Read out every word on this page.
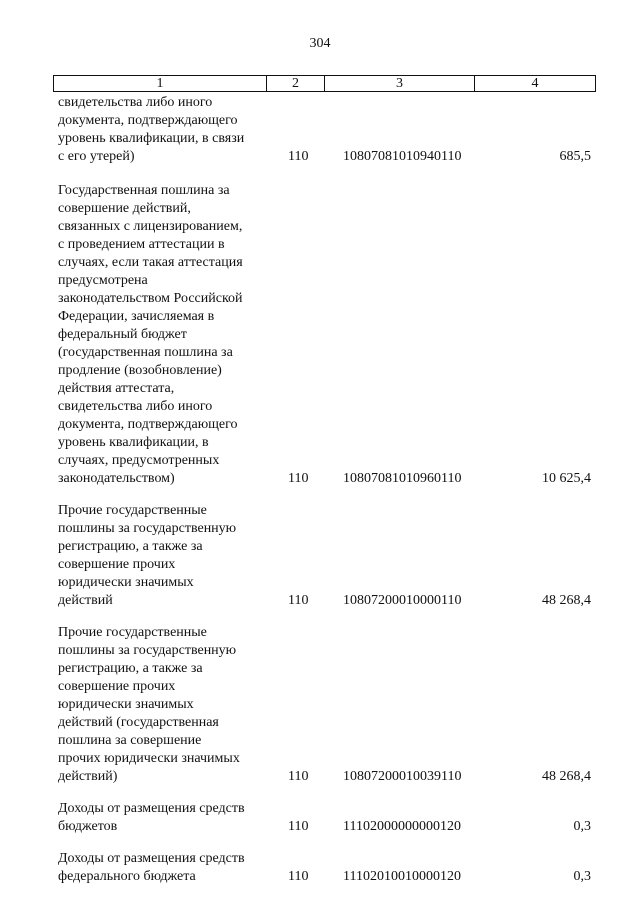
304
1	2	3	4
свидетельства либо иного
документа, подтверждающего
уровень квалификации, в связи
с его утерей)	110 10807081010940110	685,5
Государственная пошлина за
совершение действий,
связанных с лицензированием,
с проведением аттестации в
случаях, если такая аттестация
предусмотрена
законодательством Российской
Федерации, зачисляемая в
федеральный бюджет
(государственная пошлина за
продление (возобновление)
действия аттестата,
свидетельства либо иного
документа, подтверждающего
уровень квалификации, в
случаях, предусмотренных
законодательством)	110 10807081010960110	10 625,4
Прочие государственные
пошлины за государственную
регистрацию, а также за
совершение прочих
юридически значимых
действий	110 10807200010000110	48 268,4
Прочие государственные
пошлины за государственную
регистрацию, а также за
совершение прочих
юридически значимых
действий (государственная
пошлина за совершение
прочих юридически значимых
действий)	110 10807200010039110	48 268,4
Доходы от размещения средств
бюджетов	110 11102000000000120	0,3
Доходы от размещения средств
федерального бюджета	110 11102010010000120	0,3
